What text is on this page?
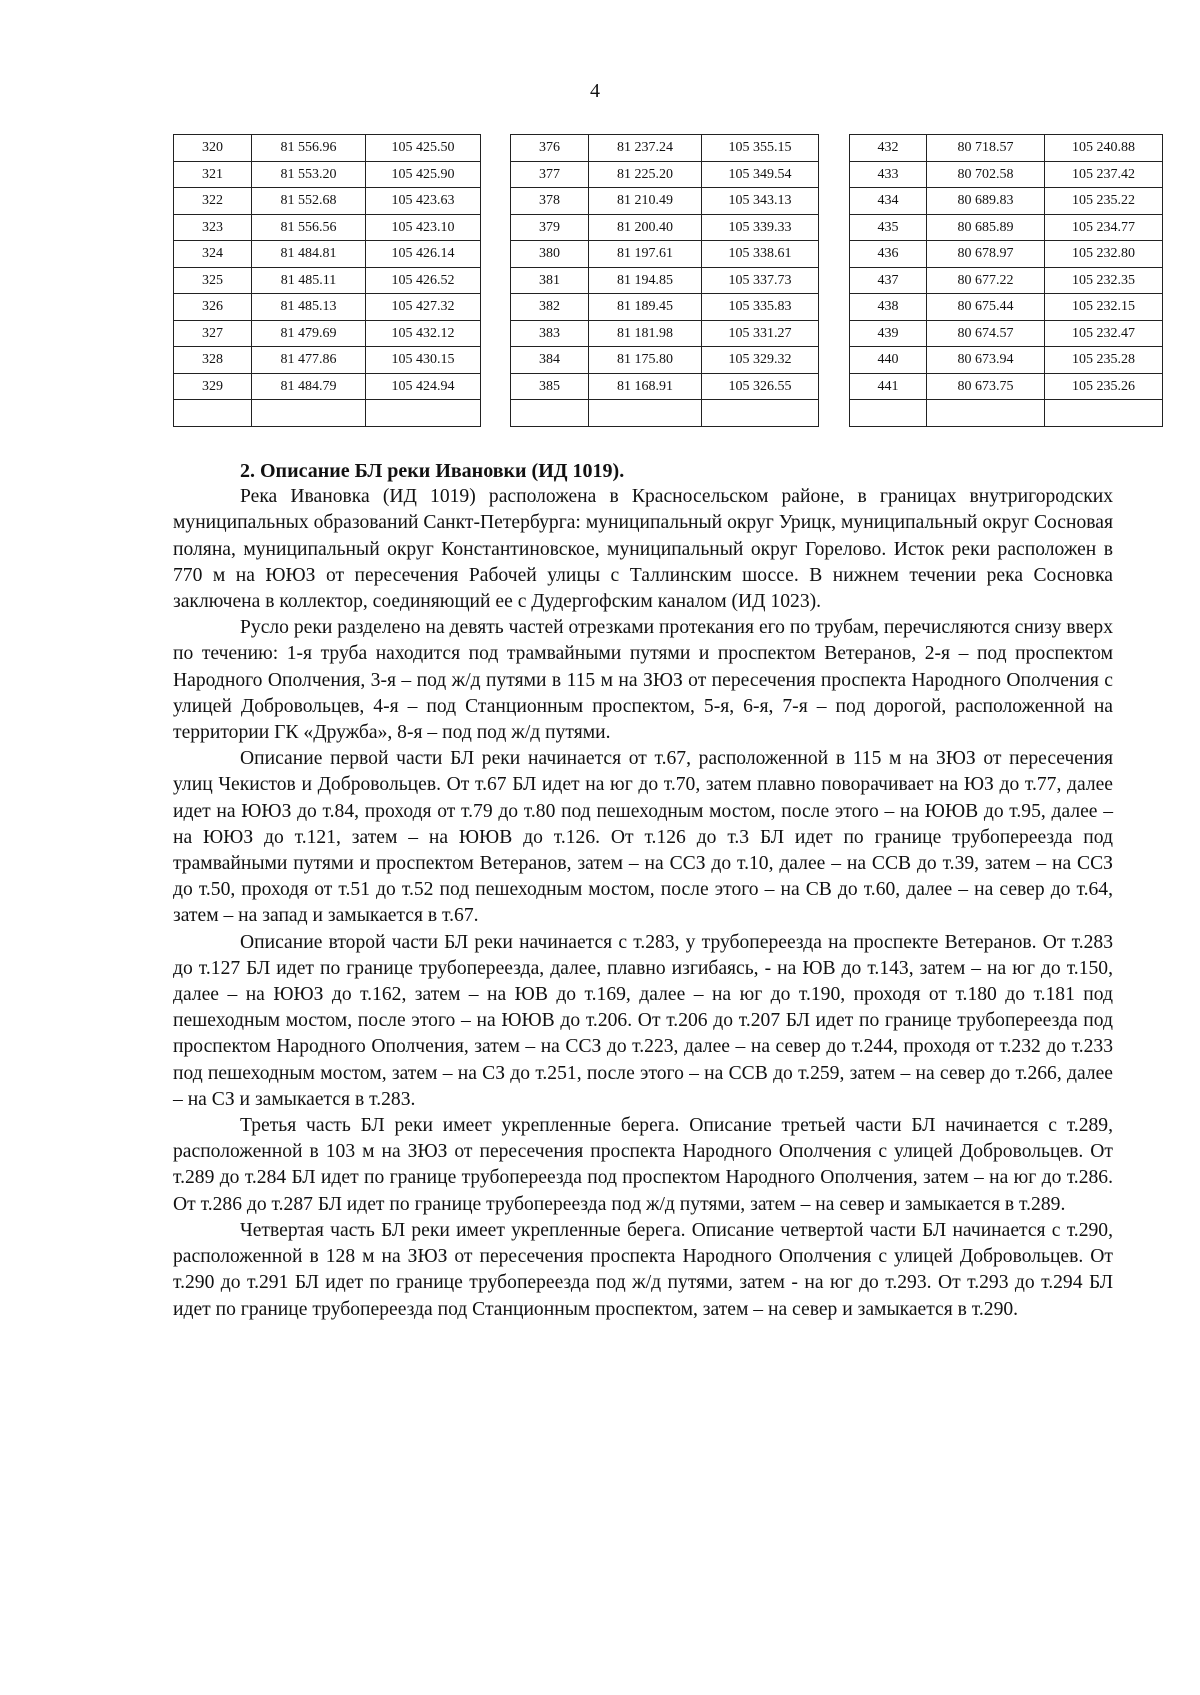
4
320	81 556.96	105 425.50
321	81 553.20	105 425.90
322	81 552.68	105 423.63
323	81 556.56	105 423.10
324	81 484.81	105 426.14
325	81 485.11	105 426.52
326	81 485.13	105 427.32
327	81 479.69	105 432.12
328	81 477.86	105 430.15
329	81 484.79	105 424.94

376	81 237.24	105 355.15
377	81 225.20	105 349.54
378	81 210.49	105 343.13
379	81 200.40	105 339.33
380	81 197.61	105 338.61
381	81 194.85	105 337.73
382	81 189.45	105 335.83
383	81 181.98	105 331.27
384	81 175.80	105 329.32
385	81 168.91	105 326.55

432	80 718.57	105 240.88
433	80 702.58	105 237.42
434	80 689.83	105 235.22
435	80 685.89	105 234.77
436	80 678.97	105 232.80
437	80 677.22	105 232.35
438	80 675.44	105 232.15
439	80 674.57	105 232.47
440	80 673.94	105 235.28
441	80 673.75	105 235.26

2. Описание БЛ реки Ивановки (ИД 1019).

Река Ивановка (ИД 1019) расположена в Красносельском районе, в границах внутригородских муниципальных образований Санкт-Петербурга: муниципальный округ Урицк, муниципальный округ Сосновая поляна, муниципальный округ Константиновское, муниципальный округ Горелово. Исток реки расположен в 770 м на ЮЮЗ от пересечения Рабочей улицы с Таллинским шоссе. В нижнем течении река Сосновка заключена в коллектор, соединяющий ее с Дудергофским каналом (ИД 1023).

Русло реки разделено на девять частей отрезками протекания его по трубам, перечисляются снизу вверх по течению: 1-я труба находится под трамвайными путями и проспектом Ветеранов, 2-я – под проспектом Народного Ополчения, 3-я – под ж/д путями в 115 м на ЗЮЗ от пересечения проспекта Народного Ополчения с улицей Добровольцев, 4-я – под Станционным проспектом, 5-я, 6-я, 7-я – под дорогой, расположенной на территории ГК «Дружба», 8-я – под под ж/д путями.

Описание первой части БЛ реки начинается от т.67, расположенной в 115 м на ЗЮЗ от пересечения улиц Чекистов и Добровольцев. От т.67 БЛ идет на юг до т.70, затем плавно поворачивает на ЮЗ до т.77, далее идет на ЮЮЗ до т.84, проходя от т.79 до т.80 под пешеходным мостом, после этого – на ЮЮВ до т.95, далее – на ЮЮЗ до т.121, затем – на ЮЮВ до т.126. От т.126 до т.3 БЛ идет по границе трубопереезда под трамвайными путями и проспектом Ветеранов, затем – на ССЗ до т.10, далее – на ССВ до т.39, затем – на ССЗ до т.50, проходя от т.51 до т.52 под пешеходным мостом, после этого – на СВ до т.60, далее – на север до т.64, затем – на запад и замыкается в т.67.

Описание второй части БЛ реки начинается с т.283, у трубопереезда на проспекте Ветеранов. От т.283 до т.127 БЛ идет по границе трубопереезда, далее, плавно изгибаясь, - на ЮВ до т.143, затем – на юг до т.150, далее – на ЮЮЗ до т.162, затем – на ЮВ до т.169, далее – на юг до т.190, проходя от т.180 до т.181 под пешеходным мостом, после этого – на ЮЮВ до т.206. От т.206 до т.207 БЛ идет по границе трубопереезда под проспектом Народного Ополчения, затем – на ССЗ до т.223, далее – на север до т.244, проходя от т.232 до т.233 под пешеходным мостом, затем – на СЗ до т.251, после этого – на ССВ до т.259, затем – на север до т.266, далее – на СЗ и замыкается в т.283.

Третья часть БЛ реки имеет укрепленные берега. Описание третьей части БЛ начинается с т.289, расположенной в 103 м на ЗЮЗ от пересечения проспекта Народного Ополчения с улицей Добровольцев. От т.289 до т.284 БЛ идет по границе трубопереезда под проспектом Народного Ополчения, затем – на юг до т.286. От т.286 до т.287 БЛ идет по границе трубопереезда под ж/д путями, затем – на север и замыкается в т.289.

Четвертая часть БЛ реки имеет укрепленные берега. Описание четвертой части БЛ начинается с т.290, расположенной в 128 м на ЗЮЗ от пересечения проспекта Народного Ополчения с улицей Добровольцев. От т.290 до т.291 БЛ идет по границе трубопереезда под ж/д путями, затем - на юг до т.293. От т.293 до т.294 БЛ идет по границе трубопереезда под Станционным проспектом, затем – на север и замыкается в т.290.
